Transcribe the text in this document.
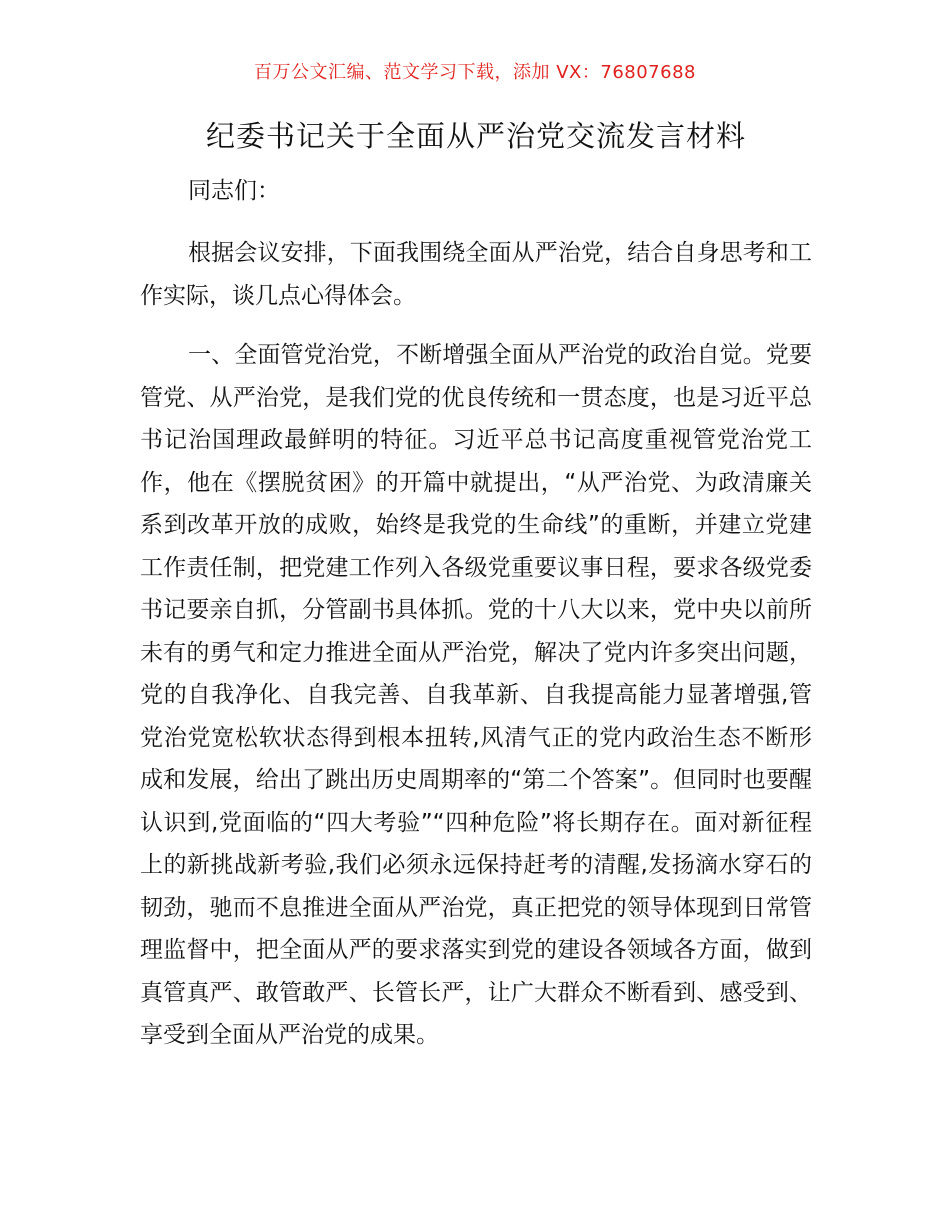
百万公文汇编、范文学习下载，添加 VX：76807688
纪委书记关于全面从严治党交流发言材料

同志们：

根据会议安排，下面我围绕全面从严治党，结合自身思考和工作实际，谈几点心得体会。

一、全面管党治党，不断增强全面从严治党的政治自觉。党要管党、从严治党，是我们党的优良传统和一贯态度，也是习近平总书记治国理政最鲜明的特征。习近平总书记高度重视管党治党工作，他在《摆脱贫困》的开篇中就提出，“从严治党、为政清廉关系到改革开放的成败，始终是我党的生命线”的重断，并建立党建工作责任制，把党建工作列入各级党重要议事日程，要求各级党委书记要亲自抓，分管副书具体抓。党的十八大以来，党中央以前所未有的勇气和定力推进全面从严治党，解决了党内许多突出问题，党的自我净化、自我完善、自我革新、自我提高能力显著增强,管党治党宽松软状态得到根本扭转,风清气正的党内政治生态不断形成和发展，给出了跳出历史周期率的“第二个答案”。但同时也要醒认识到,党面临的“四大考验”“四种危险”将长期存在。面对新征程上的新挑战新考验,我们必须永远保持赶考的清醒,发扬滴水穿石的韧劲，驰而不息推进全面从严治党，真正把党的领导体现到日常管理监督中，把全面从严的要求落实到党的建设各领域各方面，做到真管真严、敢管敢严、长管长严，让广大群众不断看到、感受到、享受到全面从严治党的成果。
